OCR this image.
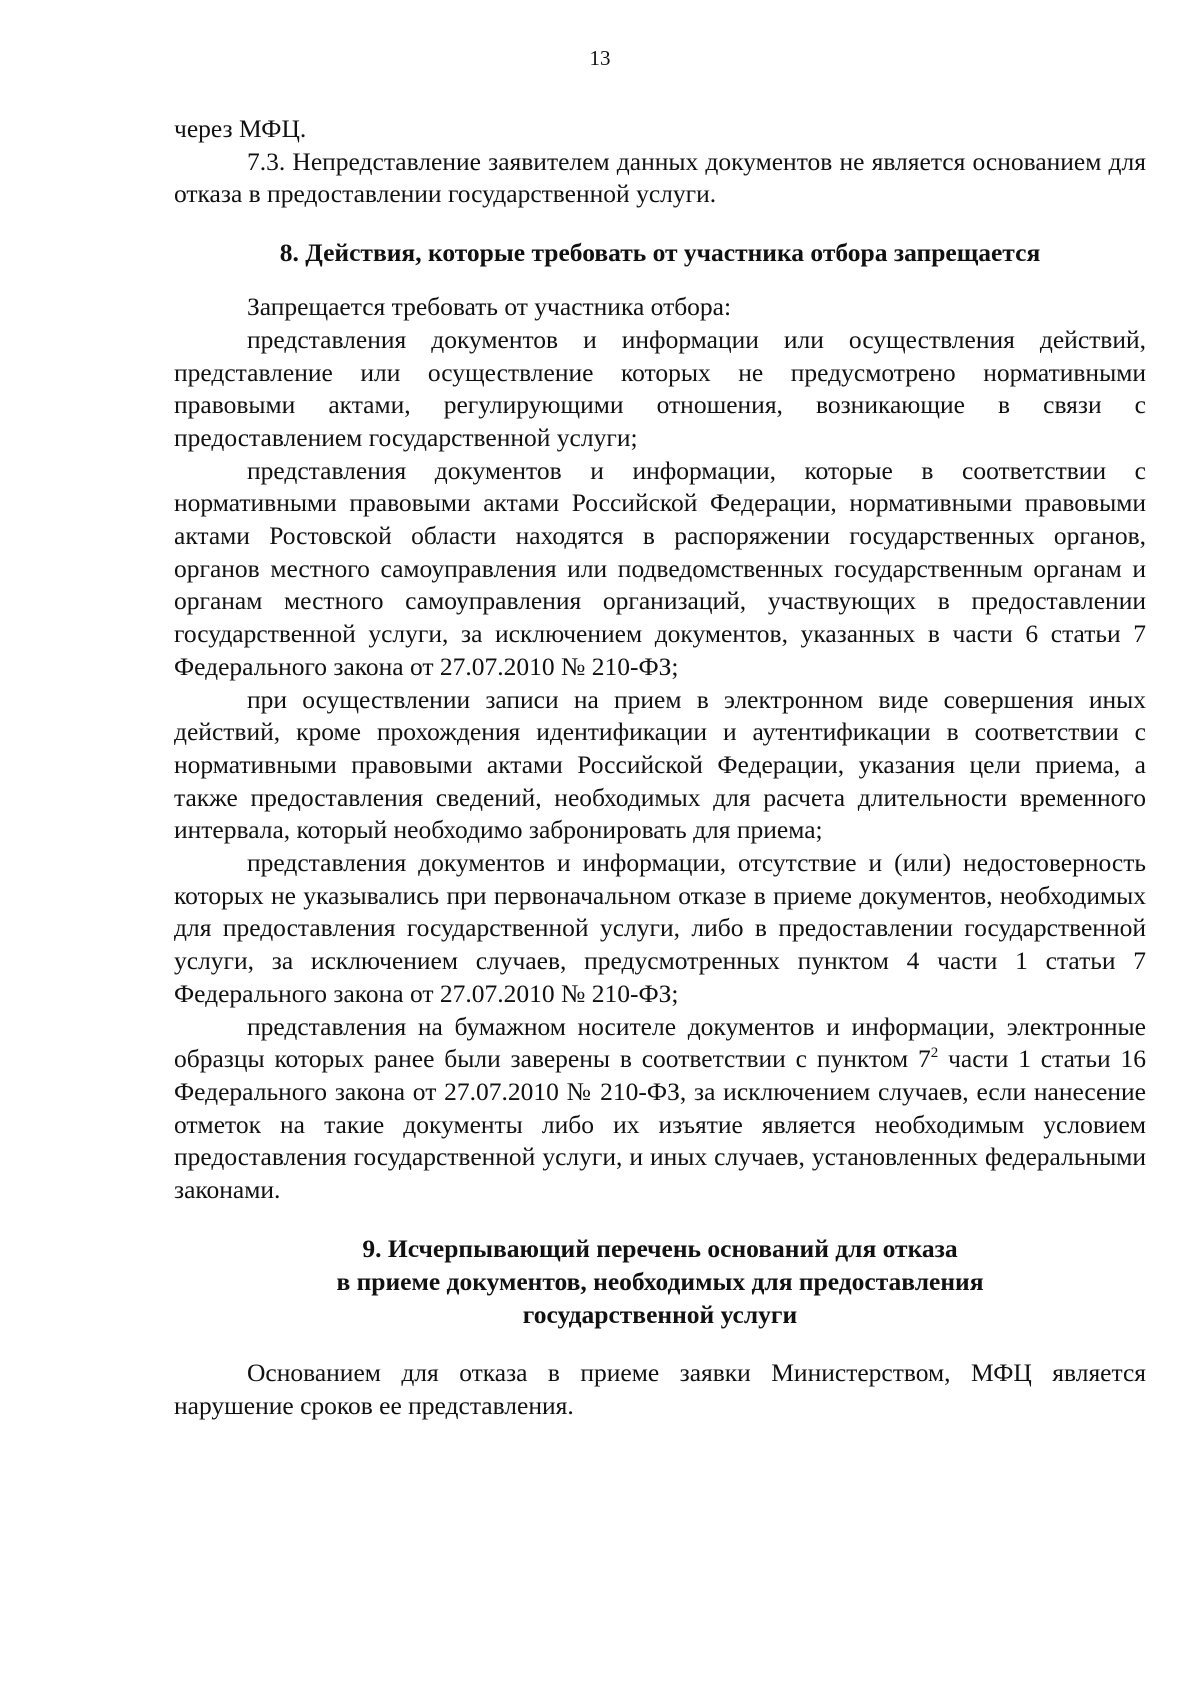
13

через МФЦ.

7.3. Непредставление заявителем данных документов не является основанием для отказа в предоставлении государственной услуги.

8. Действия, которые требовать от участника отбора запрещается

Запрещается требовать от участника отбора:

представления документов и информации или осуществления действий, представление или осуществление которых не предусмотрено нормативными правовыми актами, регулирующими отношения, возникающие в связи с предоставлением государственной услуги;

представления документов и информации, которые в соответствии с нормативными правовыми актами Российской Федерации, нормативными правовыми актами Ростовской области находятся в распоряжении государственных органов, органов местного самоуправления или подведомственных государственным органам и органам местного самоуправления организаций, участвующих в предоставлении государственной услуги, за исключением документов, указанных в части 6 статьи 7 Федерального закона от 27.07.2010 № 210-ФЗ;

при осуществлении записи на прием в электронном виде совершения иных действий, кроме прохождения идентификации и аутентификации в соответствии с нормативными правовыми актами Российской Федерации, указания цели приема, а также предоставления сведений, необходимых для расчета длительности временного интервала, который необходимо забронировать для приема;

представления документов и информации, отсутствие и (или) недостоверность которых не указывались при первоначальном отказе в приеме документов, необходимых для предоставления государственной услуги, либо в предоставлении государственной услуги, за исключением случаев, предусмотренных пунктом 4 части 1 статьи 7 Федерального закона от 27.07.2010 № 210-ФЗ;

представления на бумажном носителе документов и информации, электронные образцы которых ранее были заверены в соответствии с пунктом $7^2$ части 1 статьи 16 Федерального закона от 27.07.2010 № 210-ФЗ, за исключением случаев, если нанесение отметок на такие документы либо их изъятие является необходимым условием предоставления государственной услуги, и иных случаев, установленных федеральными законами.

9. Исчерпывающий перечень оснований для отказа
в приеме документов, необходимых для предоставления
государственной услуги

Основанием для отказа в приеме заявки Министерством, МФЦ является нарушение сроков ее представления.
